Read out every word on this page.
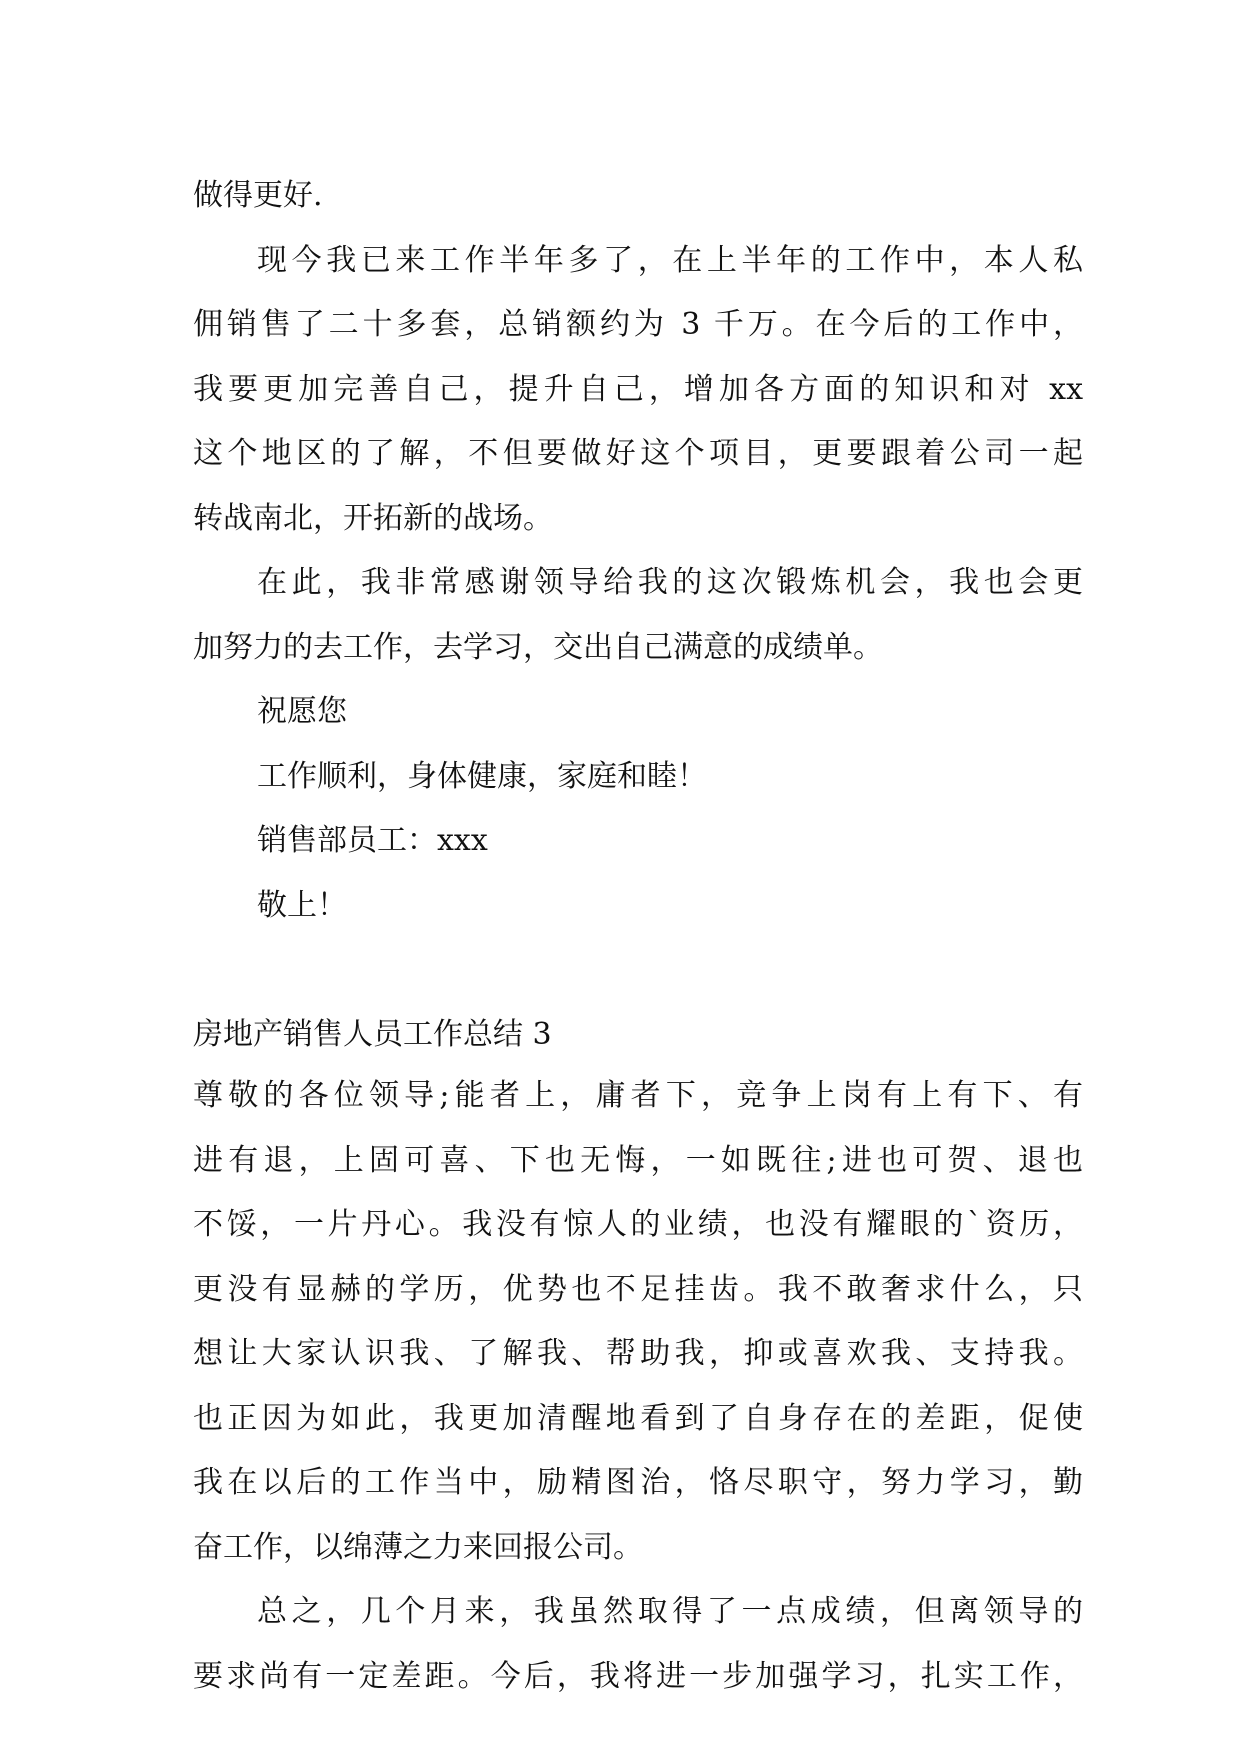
做得更好.
现今我已来工作半年多了，在上半年的工作中，本人私
佣销售了二十多套，总销额约为 3 千万。在今后的工作中，
我要更加完善自己，提升自己，增加各方面的知识和对 xx
这个地区的了解，不但要做好这个项目，更要跟着公司一起
转战南北，开拓新的战场。
在此，我非常感谢领导给我的这次锻炼机会，我也会更
加努力的去工作，去学习，交出自己满意的成绩单。
祝愿您
工作顺利，身体健康，家庭和睦！
销售部员工：xxx
敬上！
房地产销售人员工作总结 3
尊敬的各位领导;能者上，庸者下，竞争上岗有上有下、有
进有退，上固可喜、下也无悔，一如既往;进也可贺、退也
不馁，一片丹心。我没有惊人的业绩，也没有耀眼的`资历，
更没有显赫的学历，优势也不足挂齿。我不敢奢求什么，只
想让大家认识我、了解我、帮助我，抑或喜欢我、支持我。
也正因为如此，我更加清醒地看到了自身存在的差距，促使
我在以后的工作当中，励精图治，恪尽职守，努力学习，勤
奋工作，以绵薄之力来回报公司。
总之，几个月来，我虽然取得了一点成绩，但离领导的
要求尚有一定差距。今后，我将进一步加强学习，扎实工作，
